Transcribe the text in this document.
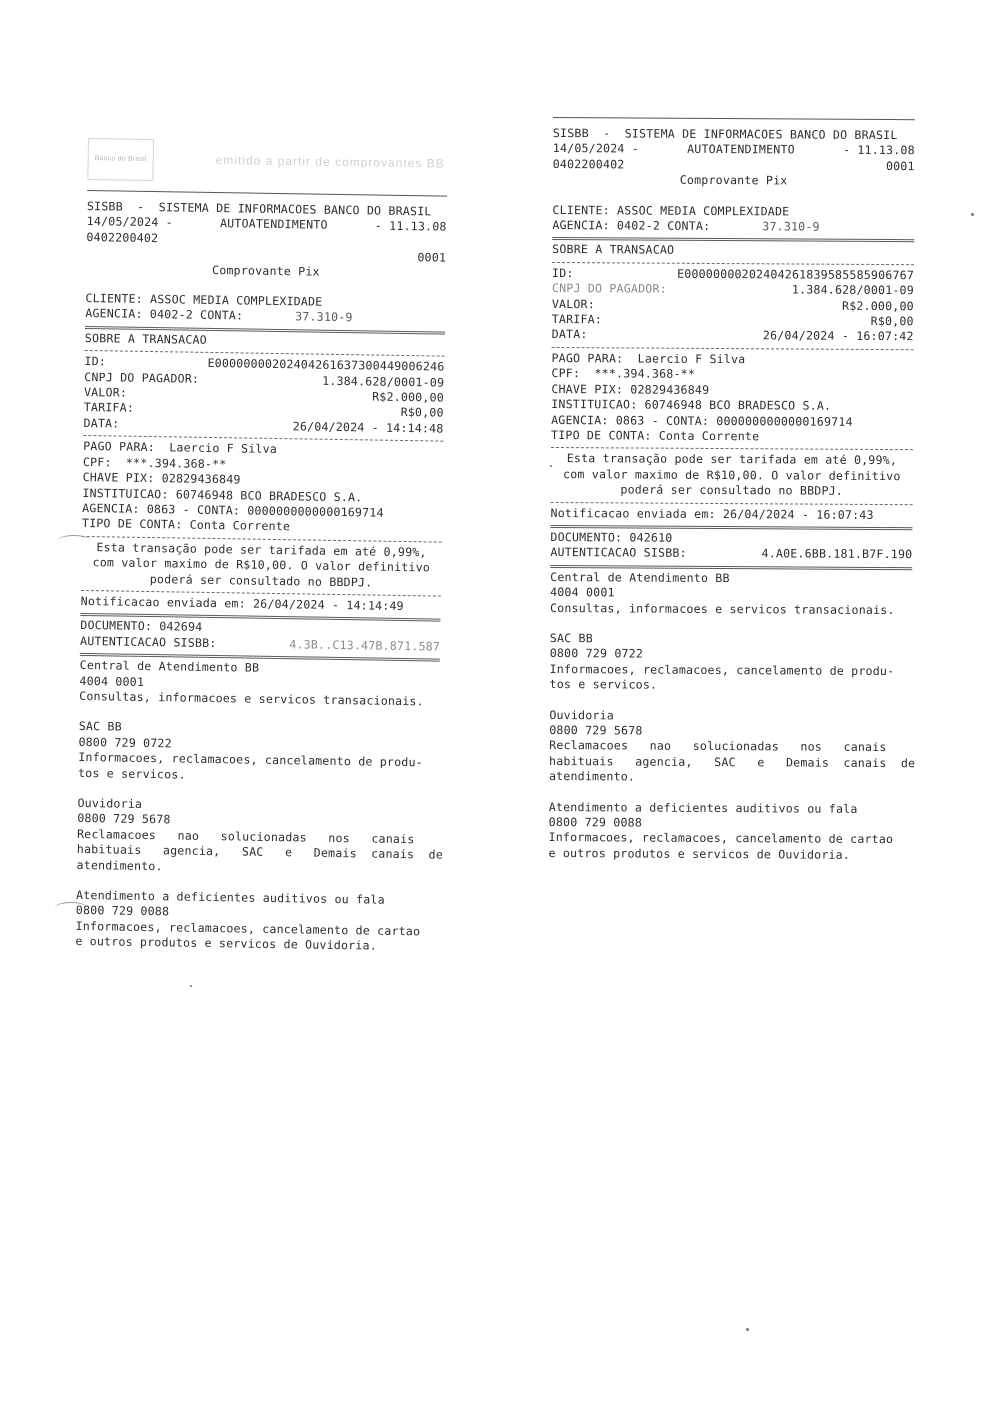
Banco do Brasil	emitido a partir de comprovantes BB
SISBB  -  SISTEMA DE INFORMACOES BANCO DO BRASIL
14/05/2024 -	AUTOATENDIMENTO	- 11.13.08
0402200402
0001
Comprovante Pix
CLIENTE: ASSOC MEDIA COMPLEXIDADE
AGENCIA: 0402-2 CONTA:	37.310-9
SOBRE A TRANSACAO
ID:	E00000000202404261637300449006246
CNPJ DO PAGADOR:	1.384.628/0001-09
VALOR:	R$2.000,00
TARIFA:	R$0,00
DATA:	26/04/2024 - 14:14:48
PAGO PARA:  Laercio F Silva
CPF:  ***.394.368-**
CHAVE PIX: 02829436849
INSTITUICAO: 60746948 BCO BRADESCO S.A.
AGENCIA: 0863 - CONTA: 0000000000000169714
TIPO DE CONTA: Conta Corrente
Esta transação pode ser tarifada em até 0,99%,
com valor maximo de R$10,00. O valor definitivo
poderá ser consultado no BBDPJ.
Notificacao enviada em: 26/04/2024 - 14:14:49
DOCUMENTO: 042694
AUTENTICACAO SISBB:	4.3B..C13.47B.871.587
Central de Atendimento BB
4004 0001
Consultas, informacoes e servicos transacionais.
SAC BB
0800 729 0722
Informacoes, reclamacoes, cancelamento de produ-
tos e servicos.
Ouvidoria
0800 729 5678
Reclamacoes   nao   solucionadas   nos   canais
habituais   agencia,   SAC   e   Demais  canais  de
atendimento.
Atendimento a deficientes auditivos ou fala
0800 729 0088
Informacoes, reclamacoes, cancelamento de cartao
e outros produtos e servicos de Ouvidoria.
SISBB  -  SISTEMA DE INFORMACOES BANCO DO BRASIL
14/05/2024 -	AUTOATENDIMENTO	- 11.13.08
0402200402	0001
Comprovante Pix
CLIENTE: ASSOC MEDIA COMPLEXIDADE
AGENCIA: 0402-2 CONTA:	37.310-9
SOBRE A TRANSACAO
ID:	E00000000202404261839585585906767
CNPJ DO PAGADOR:	1.384.628/0001-09
VALOR:	R$2.000,00
TARIFA:	R$0,00
DATA:	26/04/2024 - 16:07:42
PAGO PARA:  Laercio F Silva
CPF:  ***.394.368-**
CHAVE PIX: 02829436849
INSTITUICAO: 60746948 BCO BRADESCO S.A.
AGENCIA: 0863 - CONTA: 0000000000000169714
TIPO DE CONTA: Conta Corrente
Esta transação pode ser tarifada em até 0,99%,
com valor maximo de R$10,00. O valor definitivo
poderá ser consultado no BBDPJ.
Notificacao enviada em: 26/04/2024 - 16:07:43
DOCUMENTO: 042610
AUTENTICACAO SISBB:	4.A0E.6BB.181.B7F.190
Central de Atendimento BB
4004 0001
Consultas, informacoes e servicos transacionais.
SAC BB
0800 729 0722
Informacoes, reclamacoes, cancelamento de produ-
tos e servicos.
Ouvidoria
0800 729 5678
Reclamacoes   nao   solucionadas   nos   canais
habituais   agencia,   SAC   e   Demais  canais  de
atendimento.
Atendimento a deficientes auditivos ou fala
0800 729 0088
Informacoes, reclamacoes, cancelamento de cartao
e outros produtos e servicos de Ouvidoria.
